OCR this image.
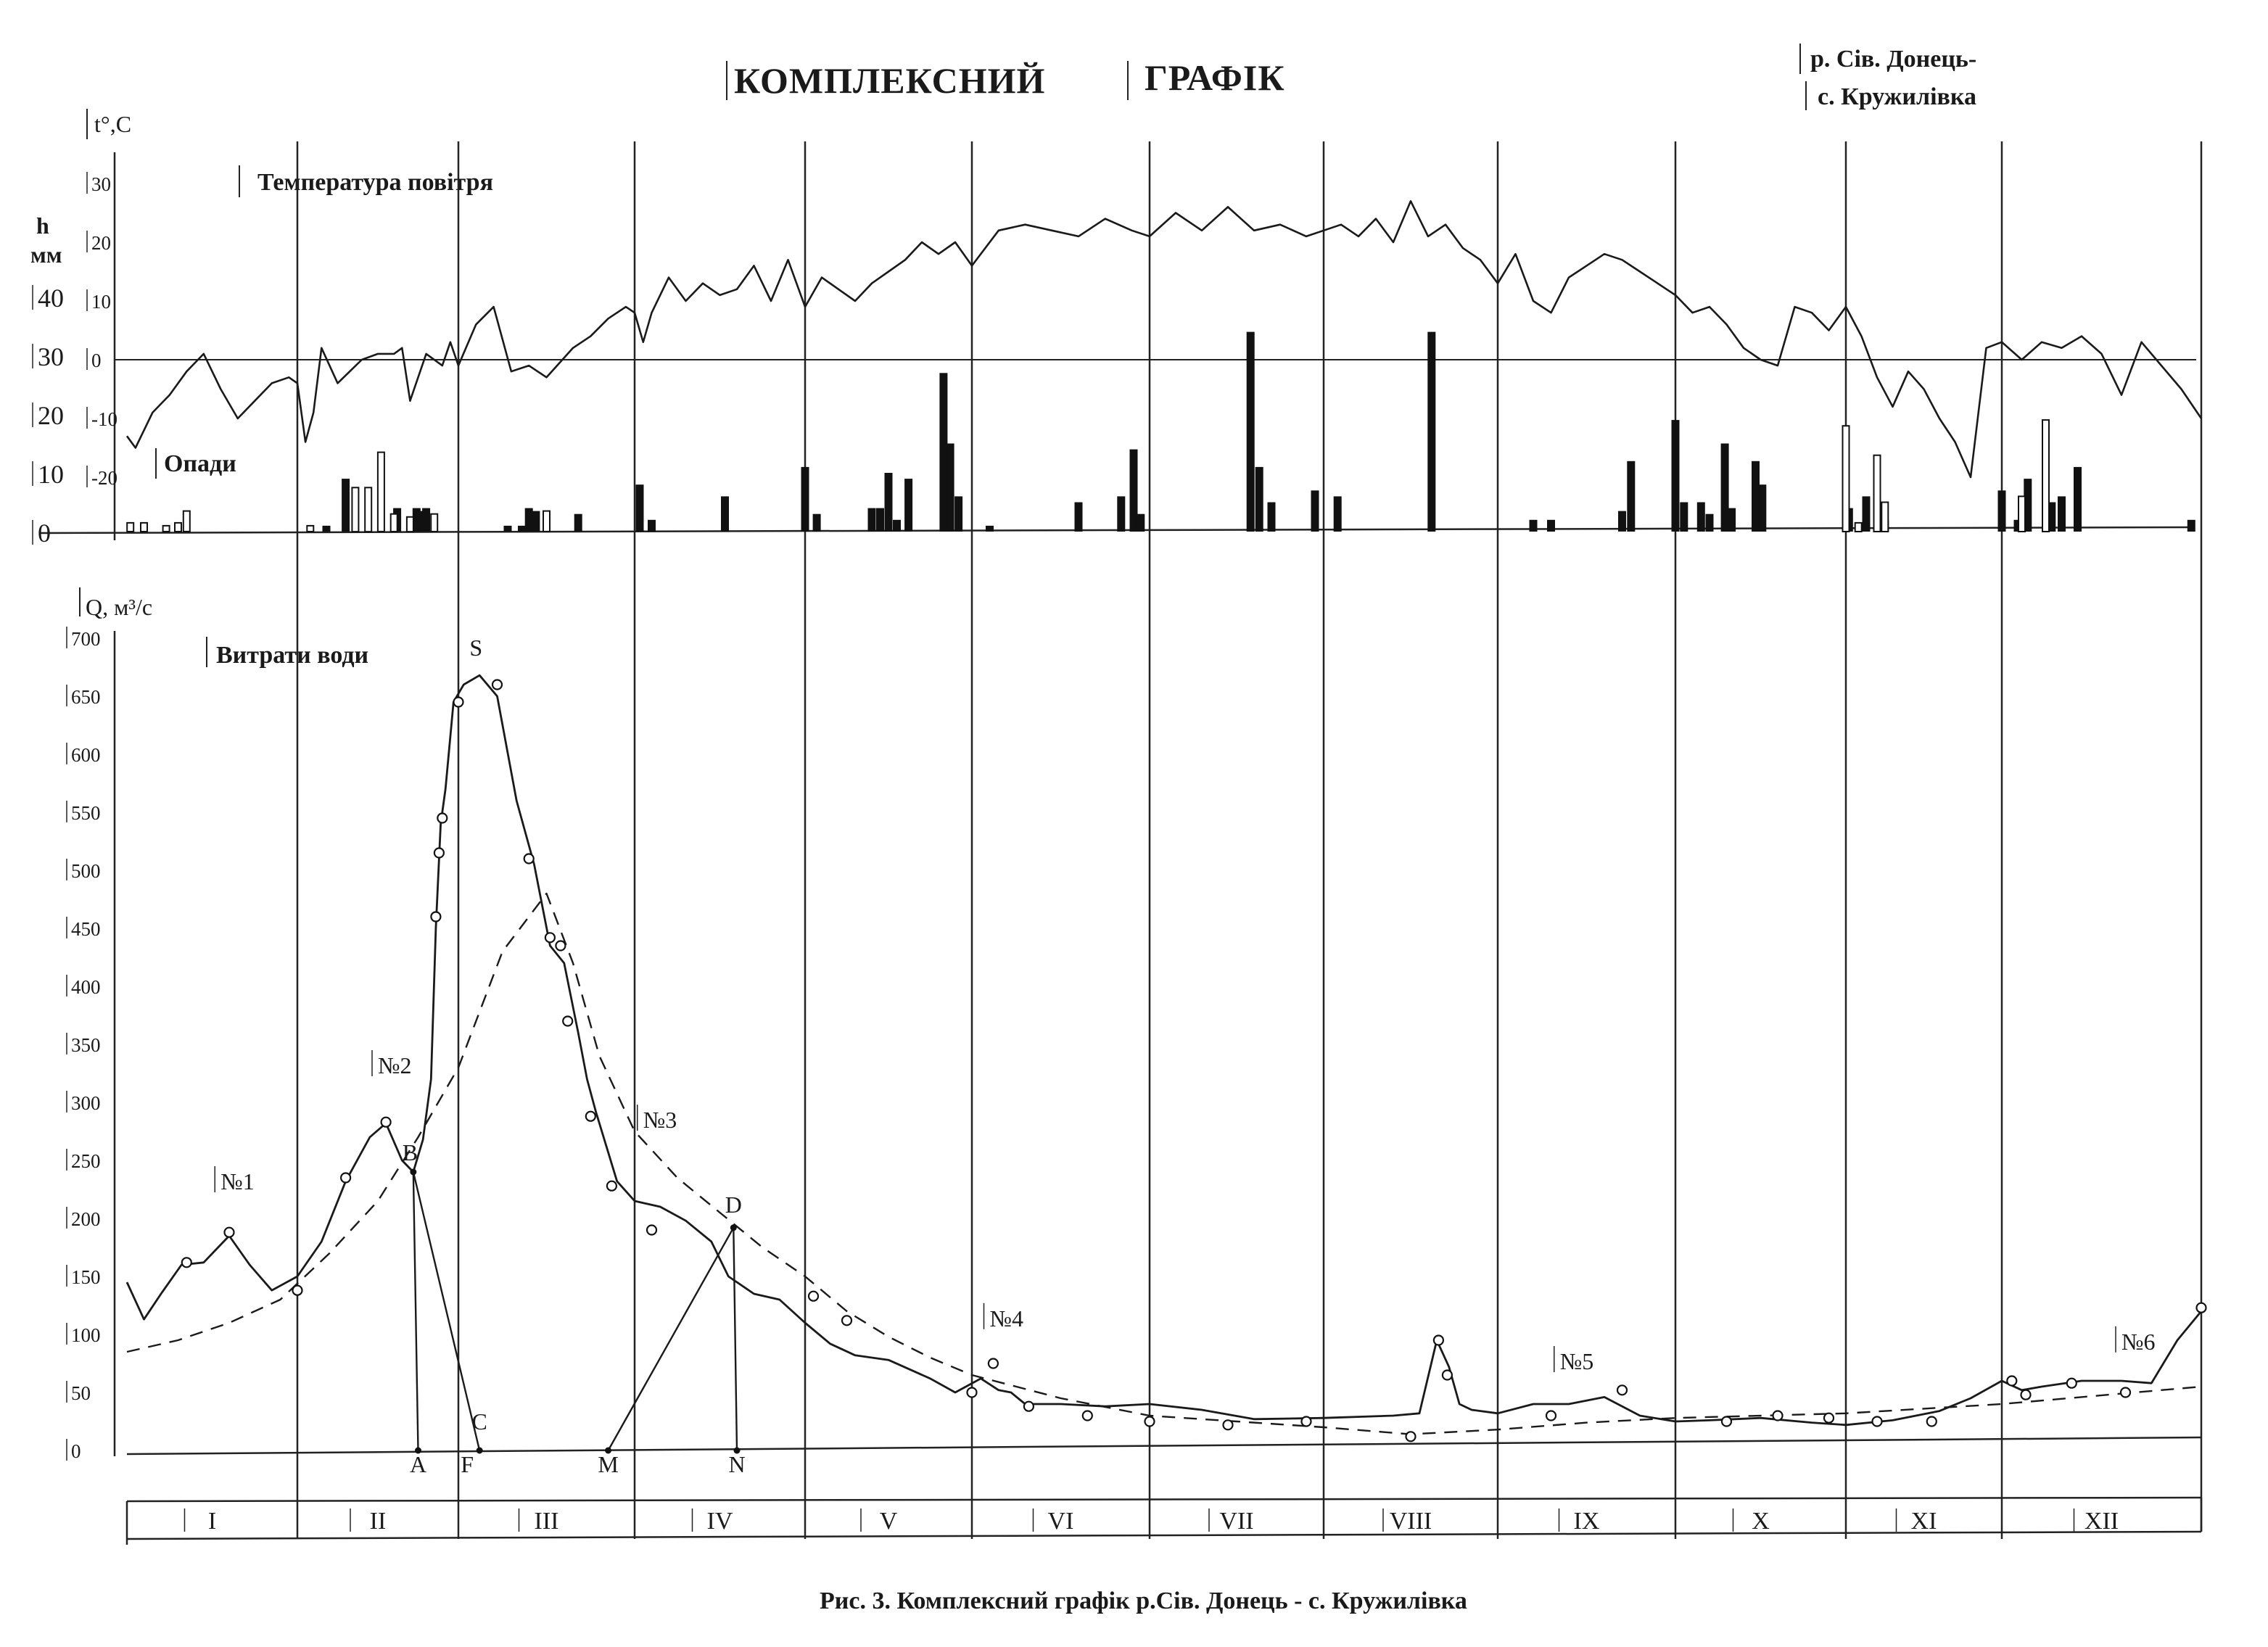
КОМПЛЕКСНИЙ	ГРАФІК	р. Сів. Донець-
с. Кружилівка
t°,C
h
мм
Q, м³/с
Температура повітря
Опади
Витрати води
I	II	III	IV	V	VI	VII	VIII	IX	X	XI	XII
30
20
10
0
-10
-20
0
10
20
30
40
0
50
100
150
200
250
300
350
400
450
500
550
600
650
700
№1
№2
№3
№4
№5
№6
S
B
D
C
A F	M	N
Рис. 3. Комплексний графік р.Сів. Донець - с. Кружилівка
